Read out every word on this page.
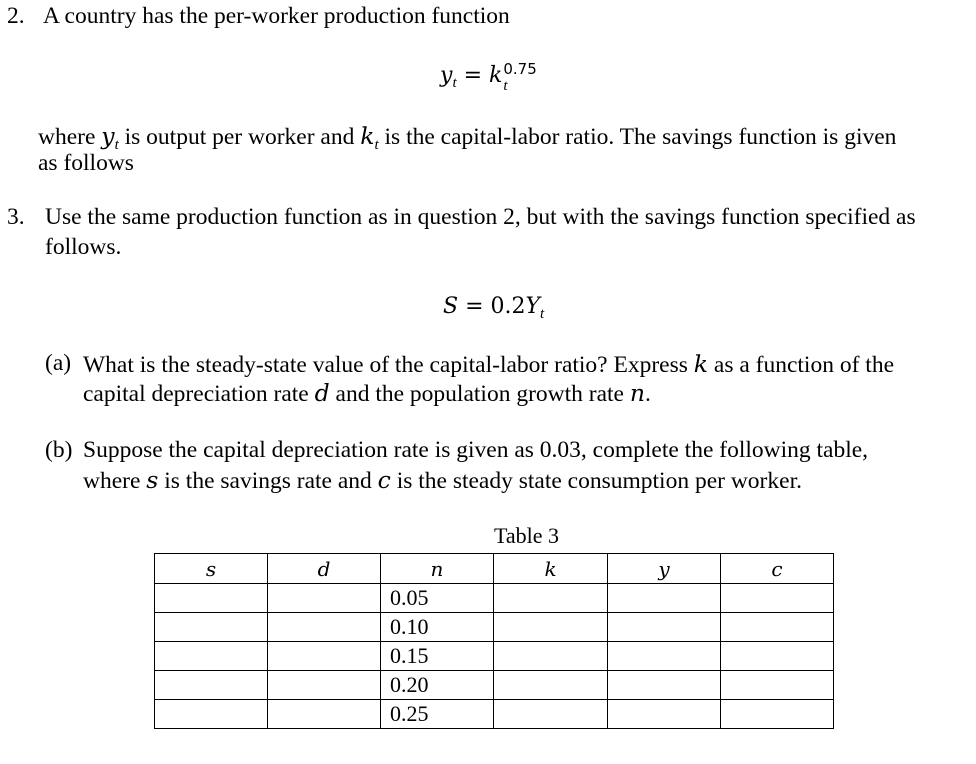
2. A country has the per-worker production function
$y_t = k$ 0.75
t
where $y_t$ is output per worker and $k_t$ is the capital-labor ratio. The savings function is given
as follows
3. Use the same production function as in question 2, but with the savings function specified as
follows.
$S = 0.2Y_t$
(a) What is the steady-state value of the capital-labor ratio? Express k as a function of the
capital depreciation rate d and the population growth rate n.
(b) Suppose the capital depreciation rate is given as 0.03, complete the following table,
where s is the savings rate and c is the steady state consumption per worker.
Table 3
s	d	n	k	y	c
		0.05			
		0.10			
		0.15			
		0.20			
		0.25			
